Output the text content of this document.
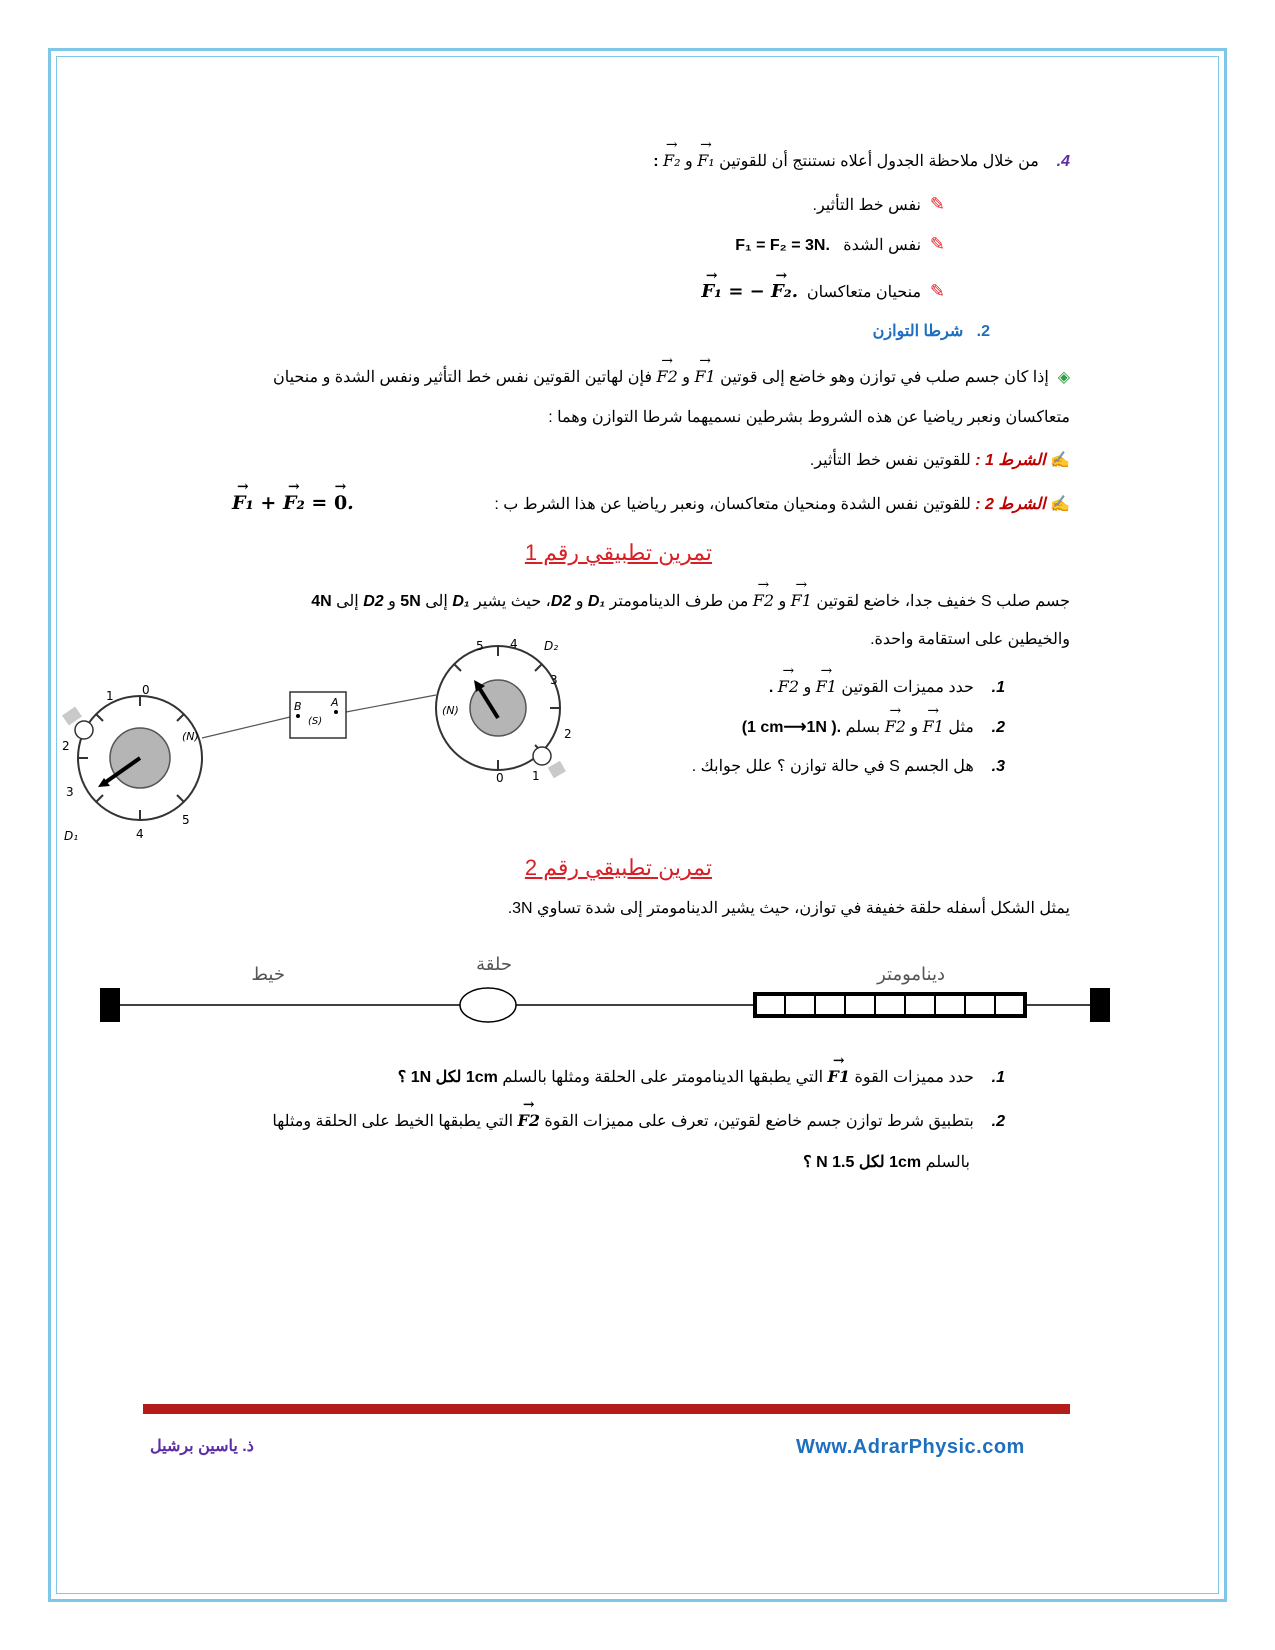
4.    من خلال ملاحظة الجدول أعلاه نستنتج أن للقوتين F₁ → و F₂ → :
✎  نفس خط التأثير.
✎  نفس الشدة   F₁ = F₂ = 3N.
✎  منحيان متعاكسان  F₁ → = − F₂ →.
2.   شرطا التوازن
◈  إذا كان جسم صلب في توازن وهو خاضع إلى قوتين F1 → و F2 → فإن لهاتين القوتين نفس خط التأثير ونفس الشدة و منحيان
متعاكسان ونعبر رياضيا عن هذه الشروط بشرطين نسميهما شرطا التوازن وهما :
✍ الشرط 1 : للقوتين نفس خط التأثير.
✍ الشرط 2 : للقوتين نفس الشدة ومنحيان متعاكسان، ونعبر رياضيا عن هذا الشرط ب :
F₁ → + F₂ → = 0 →.
تمرين تطبيقي رقم 1
جسم صلب S خفيف جدا، خاضع لقوتين F1 → و F2 → من طرف الدينامومتر D₁ و D2، حيث يشير D₁ إلى 5N و D2 إلى 4N
والخيطين على استقامة واحدة.
1.    حدد مميزات القوتين F1 → و F2 → .
2.    مثل F1 → و F2 → بسلم (1 cm⟶1N ).
3.    هل الجسم S في حالة توازن ؟ علل جوابك .
1 0
2
3
4
5
(N)
D₁
B	A
(S)
5 4
3
2
1
0
(N)
D₂
تمرين تطبيقي رقم 2
يمثل الشكل أسفله حلقة خفيفة في توازن، حيث يشير الدينامومتر إلى شدة تساوي 3N.
خيط	حلقة	دينامومتر
1.    حدد مميزات القوة F1 → التي يطبقها الدينامومتر على الحلقة ومثلها بالسلم 1cm لكل 1N ؟
2.    بتطبيق شرط توازن جسم خاضع لقوتين، تعرف على مميزات القوة F2 → التي يطبقها الخيط على الحلقة ومثلها
بالسلم 1cm لكل 1.5 N ؟
Www.AdrarPhysic.com
ذ. ياسين برشيل
